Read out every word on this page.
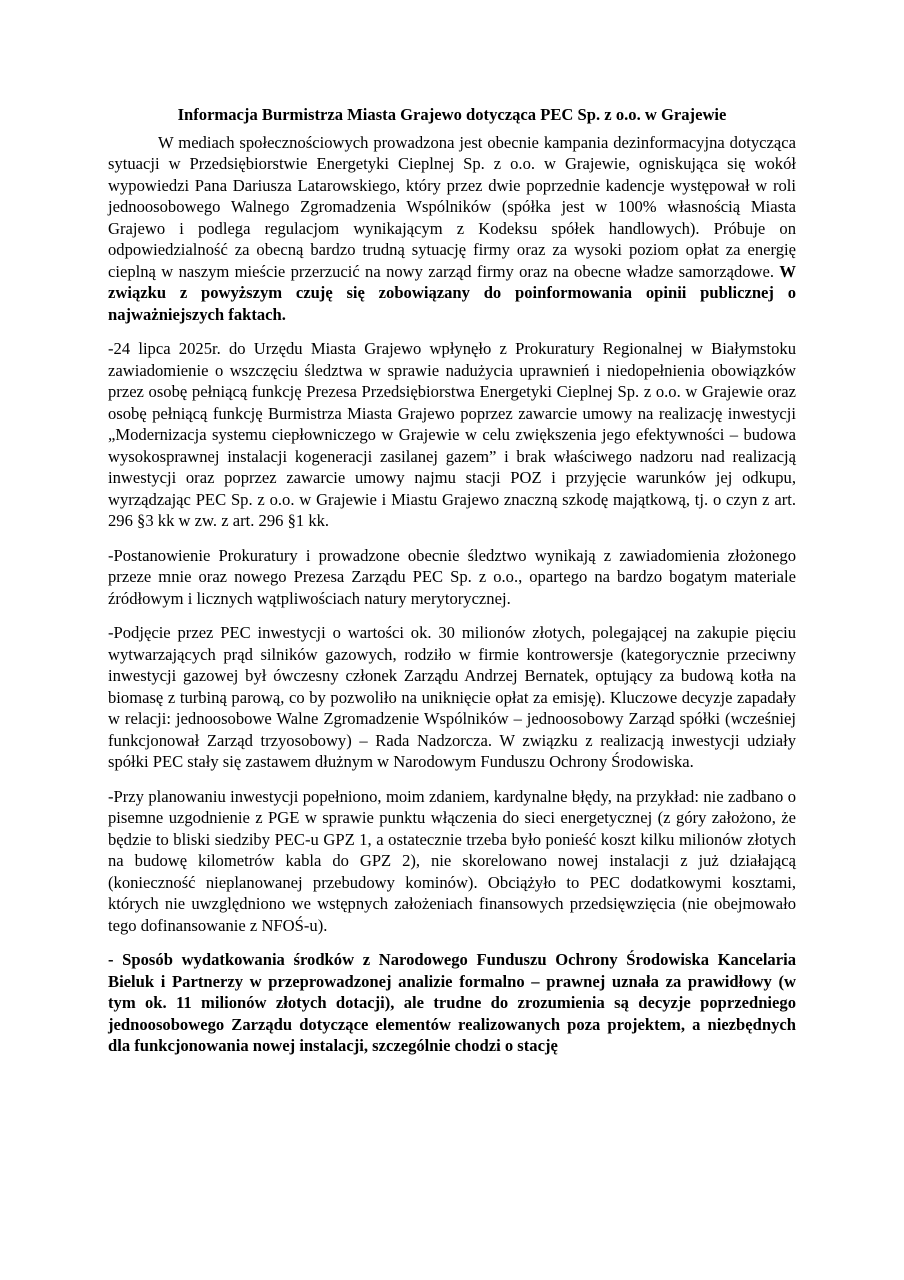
Informacja Burmistrza Miasta Grajewo dotycząca PEC Sp. z o.o. w Grajewie

W mediach społecznościowych prowadzona jest obecnie kampania dezinformacyjna dotycząca sytuacji w Przedsiębiorstwie Energetyki Cieplnej Sp. z o.o. w Grajewie, ogniskująca się wokół wypowiedzi Pana Dariusza Latarowskiego, który przez dwie poprzednie kadencje występował w roli jednoosobowego Walnego Zgromadzenia Wspólników (spółka jest w 100% własnością Miasta Grajewo i podlega regulacjom wynikającym z Kodeksu spółek handlowych). Próbuje on odpowiedzialność za obecną bardzo trudną sytuację firmy oraz za wysoki poziom opłat za energię cieplną w naszym mieście przerzucić na nowy zarząd firmy oraz na obecne władze samorządowe. W związku z powyższym czuję się zobowiązany do poinformowania opinii publicznej o najważniejszych faktach.

-24 lipca 2025r. do Urzędu Miasta Grajewo wpłynęło z Prokuratury Regionalnej w Białymstoku zawiadomienie o wszczęciu śledztwa w sprawie nadużycia uprawnień i niedopełnienia obowiązków przez osobę pełniącą funkcję Prezesa Przedsiębiorstwa Energetyki Cieplnej Sp. z o.o. w Grajewie oraz osobę pełniącą funkcję Burmistrza Miasta Grajewo poprzez zawarcie umowy na realizację inwestycji „Modernizacja systemu ciepłowniczego w Grajewie w celu zwiększenia jego efektywności – budowa wysokosprawnej instalacji kogeneracji zasilanej gazem” i brak właściwego nadzoru nad realizacją inwestycji oraz poprzez zawarcie umowy najmu stacji POZ i przyjęcie warunków jej odkupu, wyrządzając PEC Sp. z o.o. w Grajewie i Miastu Grajewo znaczną szkodę majątkową, tj. o czyn z art. 296 §3 kk w zw. z art. 296 §1 kk.

-Postanowienie Prokuratury i prowadzone obecnie śledztwo wynikają z zawiadomienia złożonego przeze mnie oraz nowego Prezesa Zarządu PEC Sp. z o.o., opartego na bardzo bogatym materiale źródłowym i licznych wątpliwościach natury merytorycznej.

-Podjęcie przez PEC inwestycji o wartości ok. 30 milionów złotych, polegającej na zakupie pięciu wytwarzających prąd silników gazowych, rodziło w firmie kontrowersje (kategorycznie przeciwny inwestycji gazowej był ówczesny członek Zarządu Andrzej Bernatek, optujący za budową kotła na biomasę z turbiną parową, co by pozwoliło na uniknięcie opłat za emisję). Kluczowe decyzje zapadały w relacji: jednoosobowe Walne Zgromadzenie Wspólników – jednoosobowy Zarząd spółki (wcześniej funkcjonował Zarząd trzyosobowy) – Rada Nadzorcza. W związku z realizacją inwestycji udziały spółki PEC stały się zastawem dłużnym w Narodowym Funduszu Ochrony Środowiska.

-Przy planowaniu inwestycji popełniono, moim zdaniem, kardynalne błędy, na przykład: nie zadbano o pisemne uzgodnienie z PGE w sprawie punktu włączenia do sieci energetycznej (z góry założono, że będzie to bliski siedziby PEC-u GPZ 1, a ostatecznie trzeba było ponieść koszt kilku milionów złotych na budowę kilometrów kabla do GPZ 2), nie skorelowano nowej instalacji z już działającą (konieczność nieplanowanej przebudowy kominów). Obciążyło to PEC dodatkowymi kosztami, których nie uwzględniono we wstępnych założeniach finansowych przedsięwzięcia (nie obejmowało tego dofinansowanie z NFOŚ-u).

- Sposób wydatkowania środków z Narodowego Funduszu Ochrony Środowiska Kancelaria Bieluk i Partnerzy w przeprowadzonej analizie formalno – prawnej uznała za prawidłowy (w tym ok. 11 milionów złotych dotacji), ale trudne do zrozumienia są decyzje poprzedniego jednoosobowego Zarządu dotyczące elementów realizowanych poza projektem, a niezbędnych dla funkcjonowania nowej instalacji, szczególnie chodzi o stację
